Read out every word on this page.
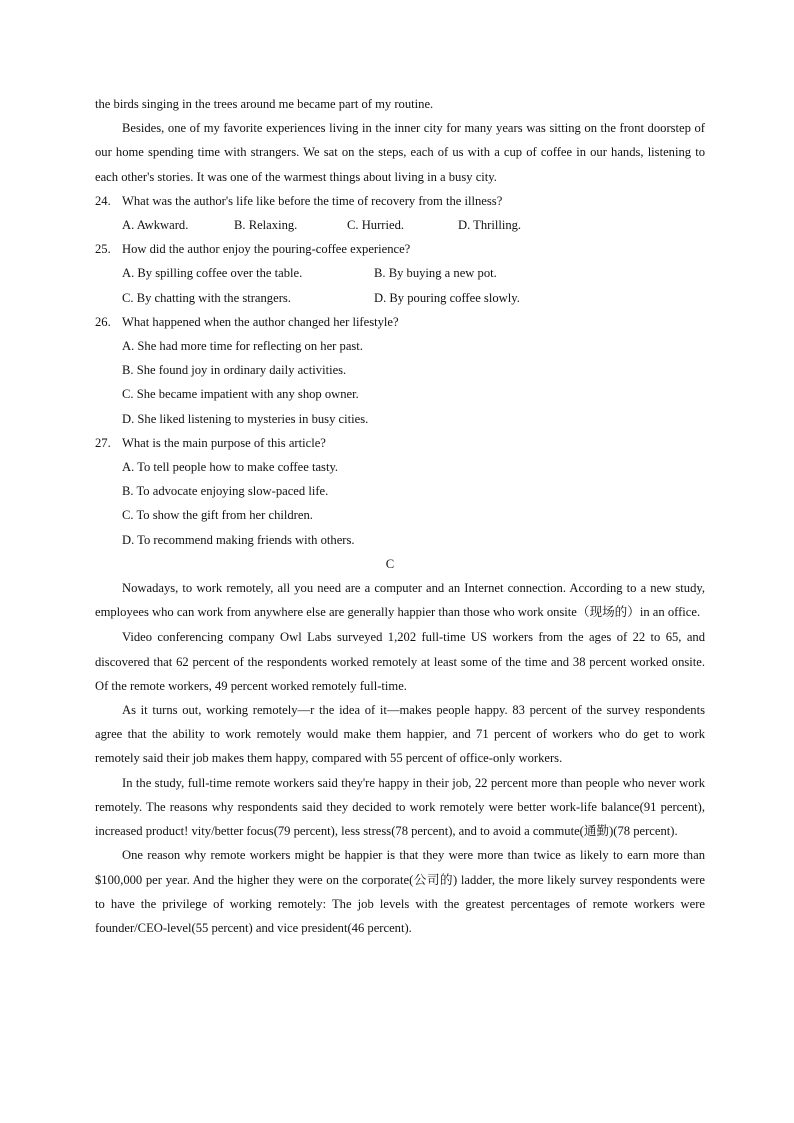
the birds singing in the trees around me became part of my routine.

Besides, one of my favorite experiences living in the inner city for many years was sitting on the front doorstep of our home spending time with strangers. We sat on the steps, each of us with a cup of coffee in our hands, listening to each other's stories. It was one of the warmest things about living in a busy city.

24. What was the author's life like before the time of recovery from the illness?

A. Awkward.	B. Relaxing.	C. Hurried.	D. Thrilling.

25. How did the author enjoy the pouring-coffee experience?

A. By spilling coffee over the table.	B. By buying a new pot.

C. By chatting with the strangers.	D. By pouring coffee slowly.

26. What happened when the author changed her lifestyle?

A. She had more time for reflecting on her past.

B. She found joy in ordinary daily activities.

C. She became impatient with any shop owner.

D. She liked listening to mysteries in busy cities.

27. What is the main purpose of this article?

A. To tell people how to make coffee tasty.

B. To advocate enjoying slow-paced life.

C. To show the gift from her children.

D. To recommend making friends with others.

C

Nowadays, to work remotely, all you need are a computer and an Internet connection. According to a new study, employees who can work from anywhere else are generally happier than those who work onsite（现场的）in an office.

Video conferencing company Owl Labs surveyed 1,202 full-time US workers from the ages of 22 to 65, and discovered that 62 percent of the respondents worked remotely at least some of the time and 38 percent worked onsite. Of the remote workers, 49 percent worked remotely full-time.

As it turns out, working remotely—r the idea of it—makes people happy. 83 percent of the survey respondents agree that the ability to work remotely would make them happier, and 71 percent of workers who do get to work remotely said their job makes them happy, compared with 55 percent of office-only workers.

In the study, full-time remote workers said they're happy in their job, 22 percent more than people who never work remotely. The reasons why respondents said they decided to work remotely were better work-life balance(91 percent), increased product! vity/better focus(79 percent), less stress(78 percent), and to avoid a commute(通勤)(78 percent).

One reason why remote workers might be happier is that they were more than twice as likely to earn more than $100,000 per year. And the higher they were on the corporate(公司的) ladder, the more likely survey respondents were to have the privilege of working remotely: The job levels with the greatest percentages of remote workers were founder/CEO-level(55 percent) and vice president(46 percent).
